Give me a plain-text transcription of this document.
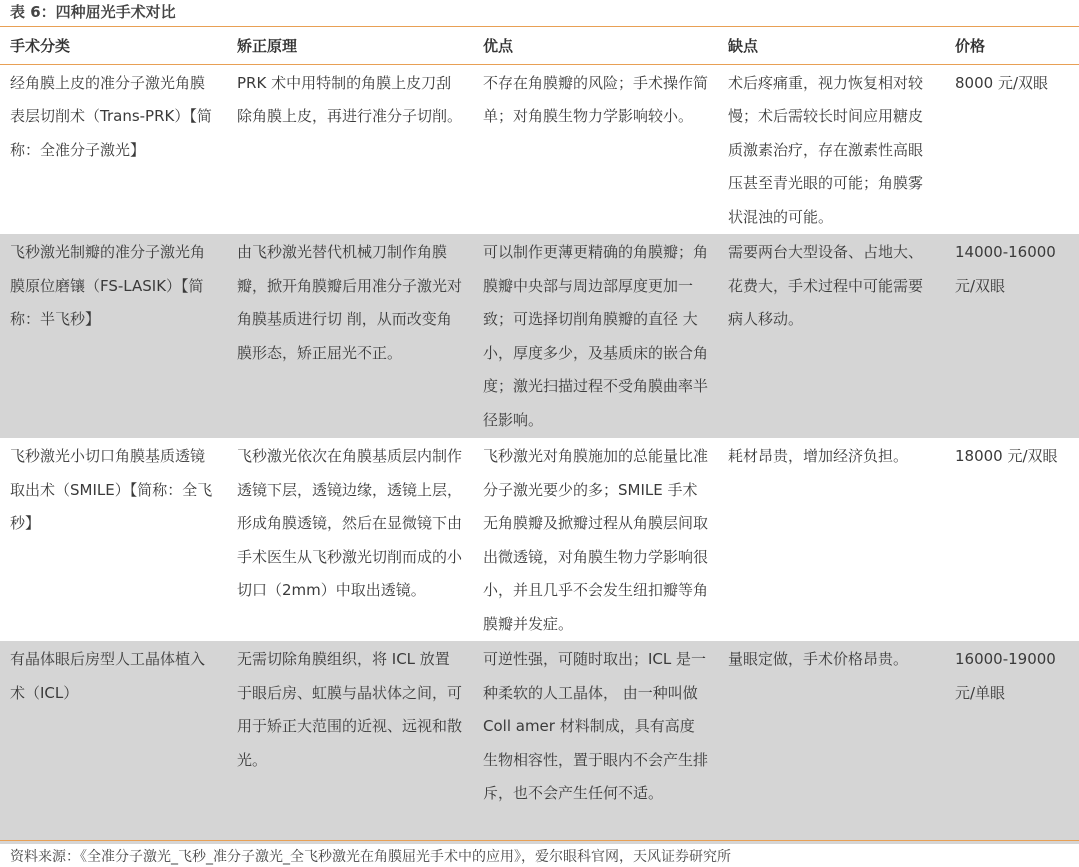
表 6：四种屈光手术对比
手术分类	矫正原理	优点	缺点	价格
经角膜上皮的准分子激光角膜表层切削术（Trans-PRK）【简称：全准分子激光】	PRK 术中用特制的角膜上皮刀刮除角膜上皮，再进行准分子切削。	不存在角膜瓣的风险；手术操作简单；对角膜生物力学影响较小。	术后疼痛重，视力恢复相对较慢；术后需较长时间应用糖皮质激素治疗，存在激素性高眼压甚至青光眼的可能；角膜雾状混浊的可能。	8000 元/双眼
飞秒激光制瓣的准分子激光角膜原位磨镶（FS-LASIK）【简称：半飞秒】	由飞秒激光替代机械刀制作角膜瓣，掀开角膜瓣后用准分子激光对角膜基质进行切 削，从而改变角膜形态，矫正屈光不正。	可以制作更薄更精确的角膜瓣；角膜瓣中央部与周边部厚度更加一致；可选择切削角膜瓣的直径 大小，厚度多少，及基质床的嵌合角度；激光扫描过程不受角膜曲率半径影响。	需要两台大型设备、占地大、花费大，手术过程中可能需要病人移动。	14000-16000 元/双眼
飞秒激光小切口角膜基质透镜取出术（SMILE）【简称：全飞秒】	飞秒激光依次在角膜基质层内制作透镜下层，透镜边缘，透镜上层，形成角膜透镜，然后在显微镜下由手术医生从飞秒激光切削而成的小切口（2mm）中取出透镜。	飞秒激光对角膜施加的总能量比准分子激光要少的多；SMILE 手术无角膜瓣及掀瓣过程从角膜层间取出微透镜，对角膜生物力学影响很小，并且几乎不会发生纽扣瓣等角膜瓣并发症。	耗材昂贵，增加经济负担。	18000 元/双眼
有晶体眼后房型人工晶体植入术（ICL）	无需切除角膜组织，将 ICL 放置于眼后房、虹膜与晶状体之间，可用于矫正大范围的近视、远视和散光。	可逆性强，可随时取出；ICL 是一种柔软的人工晶体， 由一种叫做 Coll amer 材料制成，具有高度生物相容性，置于眼内不会产生排斥，也不会产生任何不适。	量眼定做，手术价格昂贵。	16000-19000 元/单眼
资料来源：《全准分子激光_飞秒_准分子激光_全飞秒激光在角膜屈光手术中的应用》，爱尔眼科官网，天风证券研究所
